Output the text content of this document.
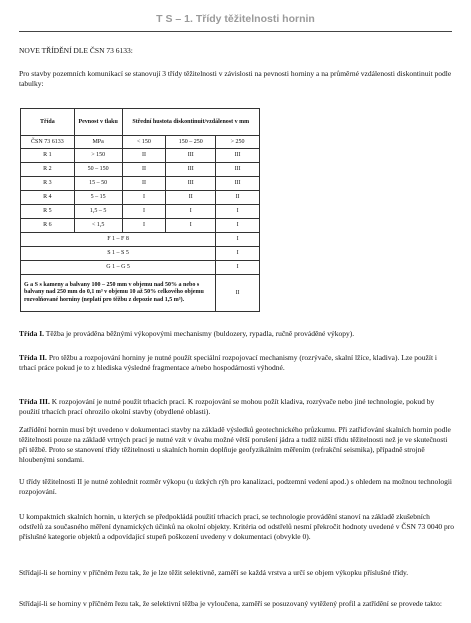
T S – 1. Třídy těžitelnosti hornin

NOVE TŘÍDĚNÍ DLE ČSN 73 6133:

Pro stavby pozemních komunikací se stanovují 3 třídy těžitelnosti v závislosti na pevnosti horniny a na průměrné vzdálenosti diskontinuit podle tabulky:

Třída	Pevnost v tlaku	Střední hustota diskontinuit/vzdálenost v mm		
ČSN 73 6133	MPa	< 150	150 – 250	> 250
R 1	> 150	II	III	III
R 2	50 – 150	II	III	III
R 3	15 – 50	II	III	III
R 4	5 – 15	I	II	II
R 5	1,5 – 5	I	I	I
R 6	< 1,5	I	I	I
F 1 – F 8				I
S 1 – S 5				I
G 1 – G 5				I
G a S s kameny a balvany 100 – 250 mm v objemu nad 50% a nebo s balvany nad 250 mm do 0,1 m³ v objemu 10 až 50% celkového objemu rozvolňované horniny (neplatí pro těžbu z depozie nad 1,5 m³).				II

Třída I. Těžba je prováděna běžnými výkopovými mechanismy (buldozery, rypadla, ručně prováděné výkopy).

Třída II. Pro těžbu a rozpojování horniny je nutné použít speciální rozpojovací mechanismy (rozrývače, skalní lžíce, kladiva). Lze použít i trhací práce pokud je to z hlediska výsledné fragmentace a/nebo hospodárnosti výhodné.

Třída III. K rozpojování je nutné použít trhacích prací. K rozpojování se mohou požít kladiva, rozrývače nebo jiné technologie, pokud by použití trhacích prací ohrozilo okolní stavby (obydlené oblasti).

Zatřídění hornin musí být uvedeno v dokumentaci stavby na základě výsledků geotechnického průzkumu. Při zatřiďování skalních hornin podle těžitelnosti pouze na základě vrtných prací je nutné vzít v úvahu možné větší porušení jádra a tudíž nižší třídu těžitelnosti než je ve skutečnosti při těžbě. Proto se stanovení třídy těžitelnosti u skalních hornin doplňuje geofyzikálním měřením (refrakční seismika), případně strojně hloubenými sondami.

U třídy těžitelnosti II je nutné zohlednit rozměr výkopu (u úzkých rýh pro kanalizaci, podzemní vedení apod.) s ohledem na možnou technologii rozpojování.

U kompaktních skalních hornin, u kterých se předpokládá použití trhacích prací, se technologie provádění stanoví na základě zkušebních odstřelů za současného měření dynamických účinků na okolní objekty. Kritéria od odstřelů nesmí překročit hodnoty uvedené v ČSN 73 0040 pro příslušné kategorie objektů a odpovídající stupeň poškození uvedeny v dokumentaci (obvykle 0).

Střídají-li se horniny v příčném řezu tak, že je lze těžit selektivně, zaměří se každá vrstva a určí se objem výkopku příslušné třídy.

Střídají-li se horniny v příčném řezu tak, že selektivní těžba je vyloučena, zaměří se posuzovaný vytěžený profil a zatřídění se provede takto:
